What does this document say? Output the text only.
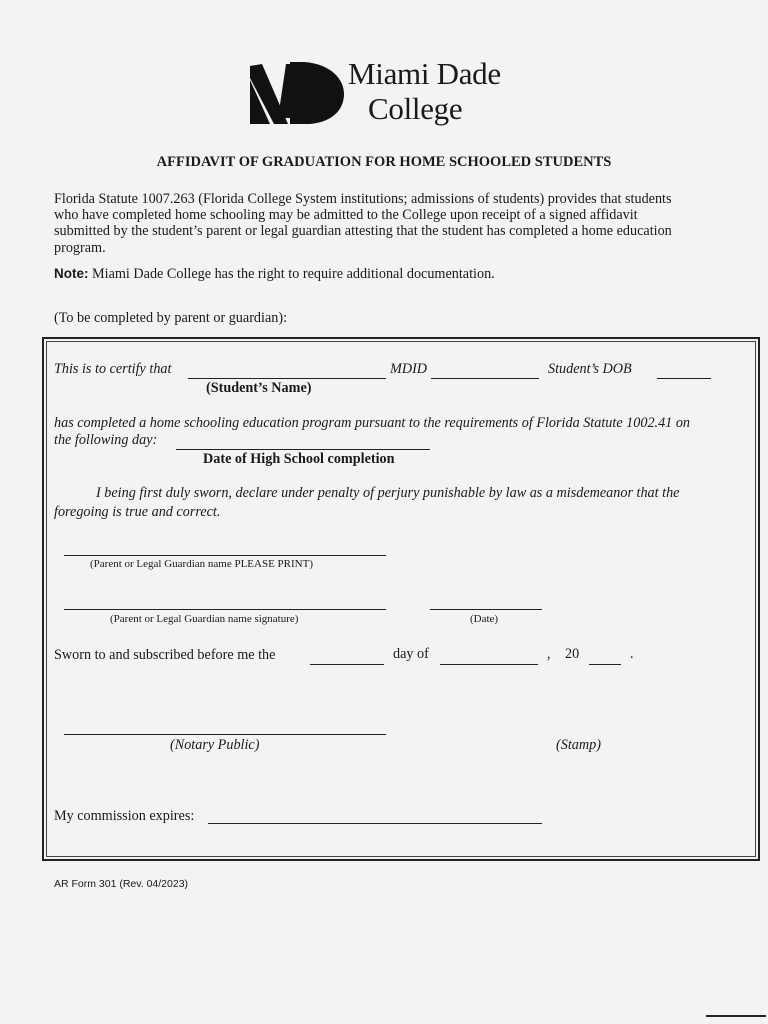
Miami Dade
College
AFFIDAVIT OF GRADUATION FOR HOME SCHOOLED STUDENTS
Florida Statute 1007.263 (Florida College System institutions; admissions of students) provides that students
who have completed home schooling may be admitted to the College upon receipt of a signed affidavit
submitted by the student’s parent or legal guardian attesting that the student has completed a home education
program.
Note: Miami Dade College has the right to require additional documentation.
(To be completed by parent or guardian):
This is to certify that	MDID	Student’s DOB
(Student’s Name)
has completed a home schooling education program pursuant to the requirements of Florida Statute 1002.41 on
the following day:
Date of High School completion
I being first duly sworn, declare under penalty of perjury punishable by law as a misdemeanor that the
foregoing is true and correct.
(Parent or Legal Guardian name PLEASE PRINT)
(Parent or Legal Guardian name signature)	(Date)
Sworn to and subscribed before me the	day of	, 20	.
(Notary Public)	(Stamp)
My commission expires:
AR Form 301 (Rev. 04/2023)
